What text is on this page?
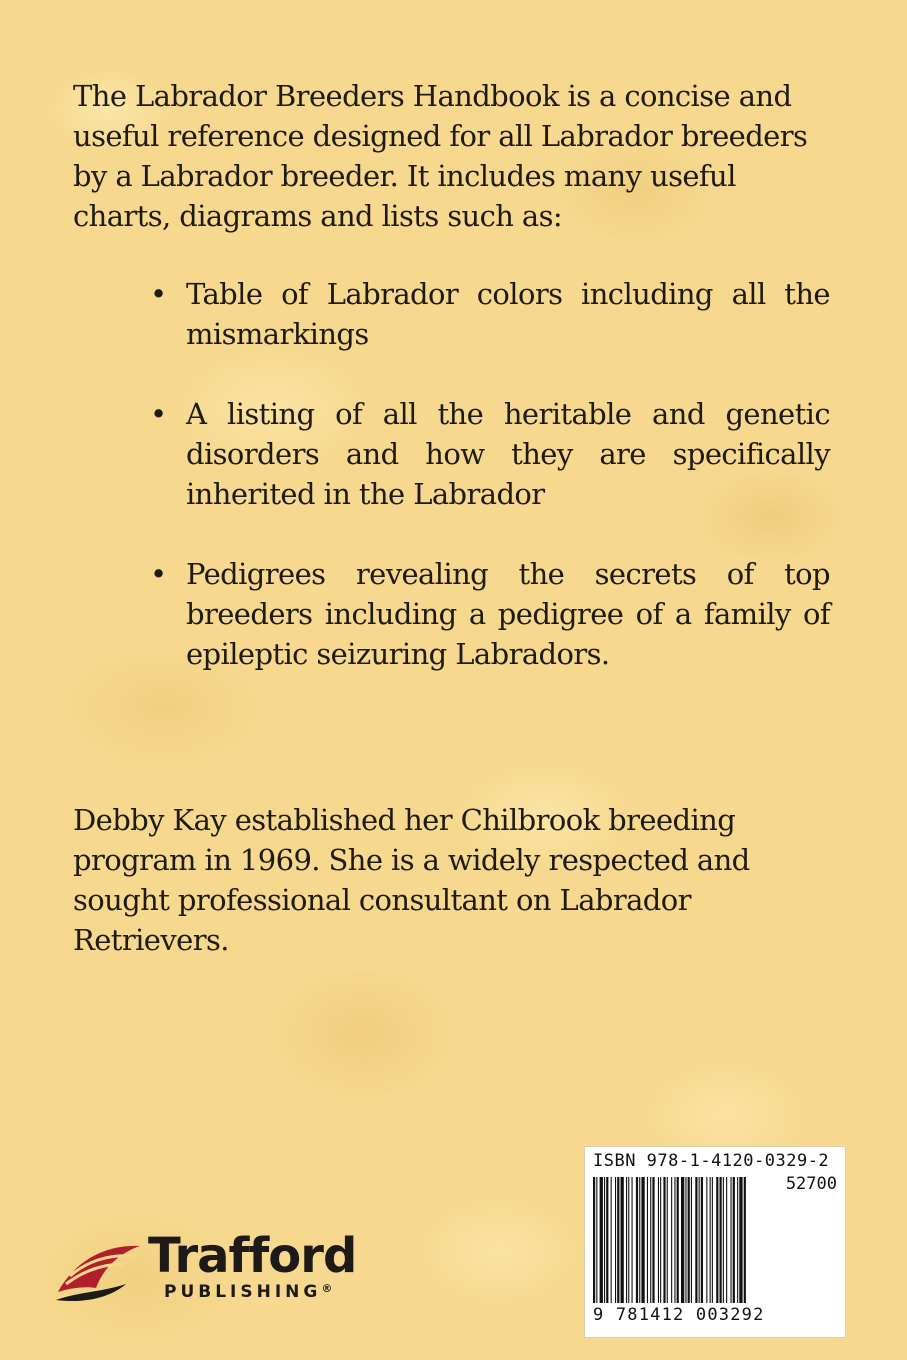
The Labrador Breeders Handbook is a concise and useful reference designed for all Labrador breeders by a Labrador breeder. It includes many useful charts, diagrams and lists such as:

• Table of Labrador colors including all the mismarkings
• A listing of all the heritable and genetic disorders and how they are specifically inherited in the Labrador
• Pedigrees revealing the secrets of top breeders including a pedigree of a family of epileptic seizuring Labradors.

Debby Kay established her Chilbrook breeding program in 1969. She is a widely respected and sought professional consultant on Labrador Retrievers.

Trafford
PUBLISHING®
ISBN 978-1-4120-0329-2
52700
9 781412 003292
